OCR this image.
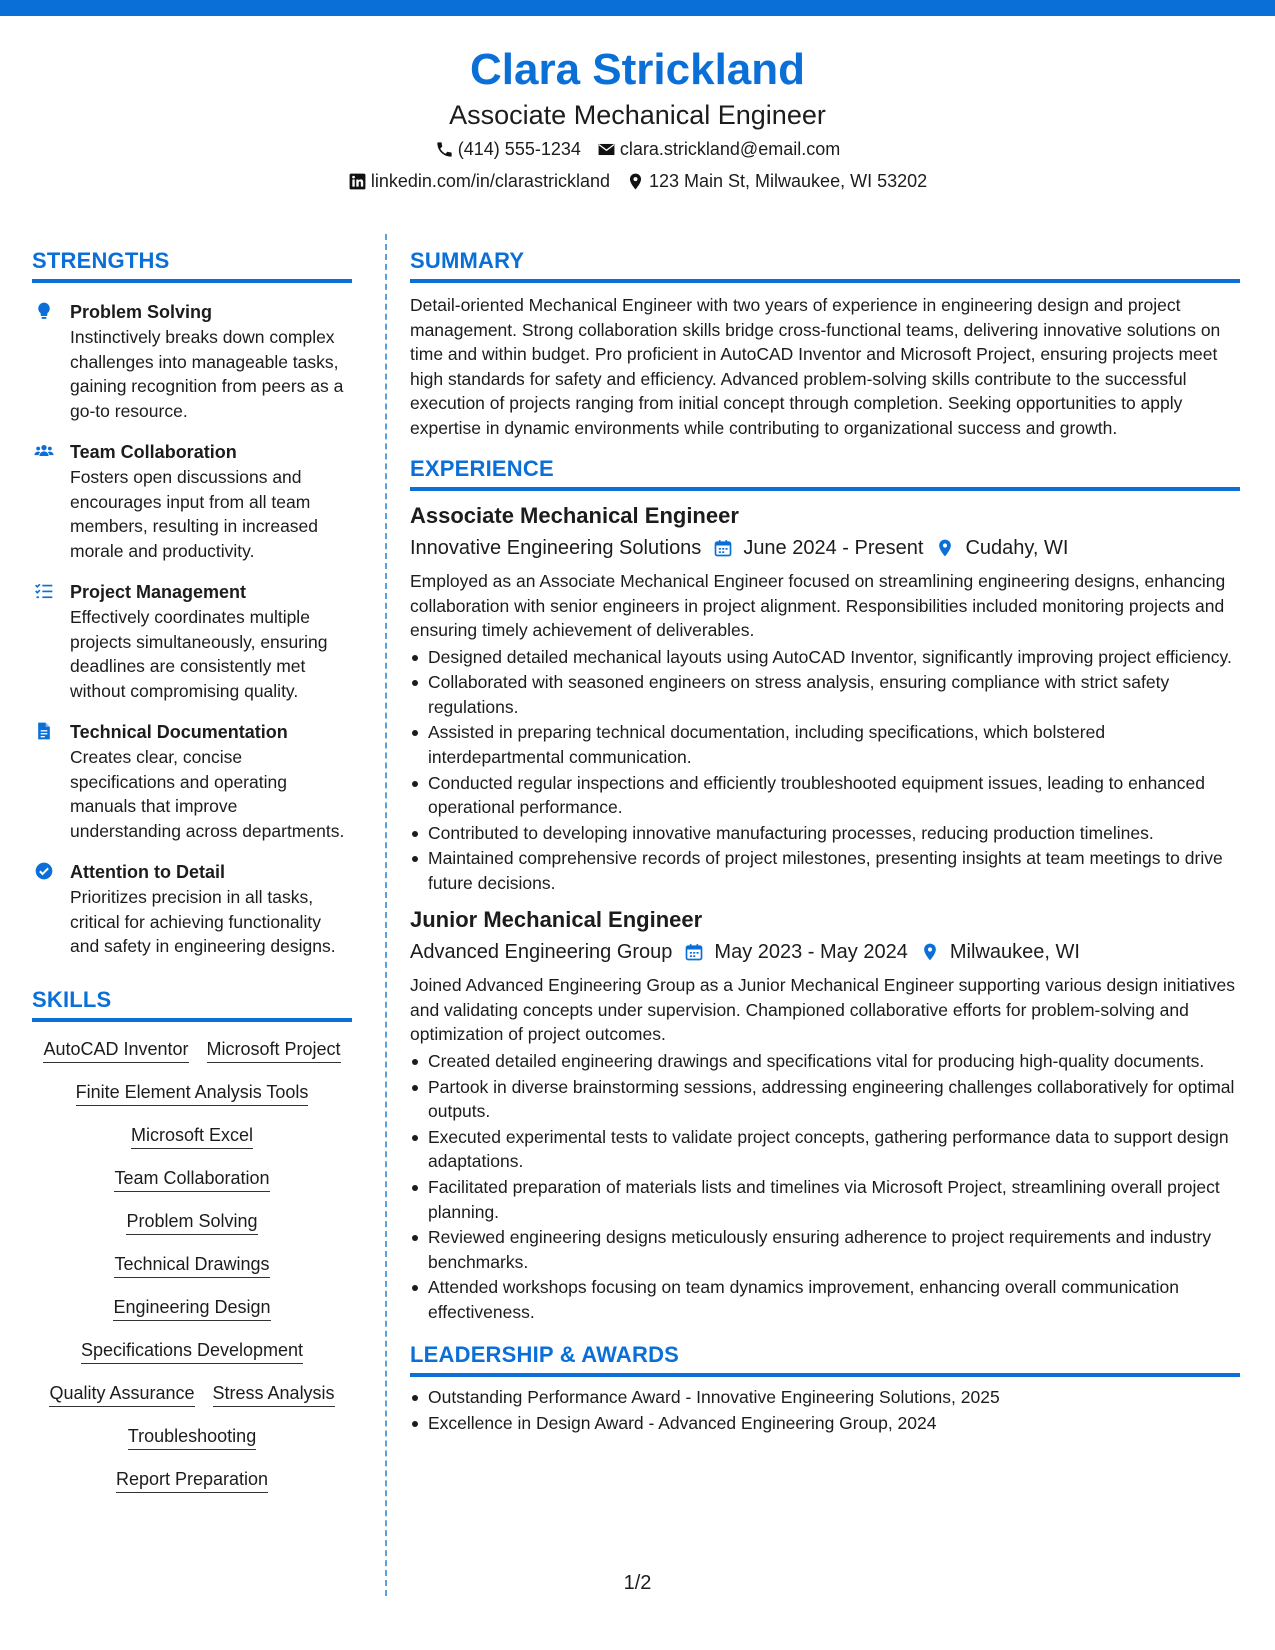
Clara Strickland
Associate Mechanical Engineer
(414) 555-1234 clara.strickland@email.com
linkedin.com/in/clarastrickland 123 Main St, Milwaukee, WI 53202
STRENGTHS
Problem Solving
Instinctively breaks down complex challenges into manageable tasks, gaining recognition from peers as a go-to resource.
Team Collaboration
Fosters open discussions and encourages input from all team members, resulting in increased morale and productivity.
Project Management
Effectively coordinates multiple projects simultaneously, ensuring deadlines are consistently met without compromising quality.
Technical Documentation
Creates clear, concise specifications and operating manuals that improve understanding across departments.
Attention to Detail
Prioritizes precision in all tasks, critical for achieving functionality and safety in engineering designs.
SKILLS
AutoCAD Inventor Microsoft Project
Finite Element Analysis Tools
Microsoft Excel
Team Collaboration
Problem Solving
Technical Drawings
Engineering Design
Specifications Development
Quality Assurance Stress Analysis
Troubleshooting
Report Preparation
SUMMARY
Detail-oriented Mechanical Engineer with two years of experience in engineering design and project management. Strong collaboration skills bridge cross-functional teams, delivering innovative solutions on time and within budget. Pro proficient in AutoCAD Inventor and Microsoft Project, ensuring projects meet high standards for safety and efficiency. Advanced problem-solving skills contribute to the successful execution of projects ranging from initial concept through completion. Seeking opportunities to apply expertise in dynamic environments while contributing to organizational success and growth.
EXPERIENCE
Associate Mechanical Engineer
Innovative Engineering Solutions June 2024 - Present Cudahy, WI
Employed as an Associate Mechanical Engineer focused on streamlining engineering designs, enhancing collaboration with senior engineers in project alignment. Responsibilities included monitoring projects and ensuring timely achievement of deliverables.
Designed detailed mechanical layouts using AutoCAD Inventor, significantly improving project efficiency.
Collaborated with seasoned engineers on stress analysis, ensuring compliance with strict safety regulations.
Assisted in preparing technical documentation, including specifications, which bolstered interdepartmental communication.
Conducted regular inspections and efficiently troubleshooted equipment issues, leading to enhanced operational performance.
Contributed to developing innovative manufacturing processes, reducing production timelines.
Maintained comprehensive records of project milestones, presenting insights at team meetings to drive future decisions.
Junior Mechanical Engineer
Advanced Engineering Group May 2023 - May 2024 Milwaukee, WI
Joined Advanced Engineering Group as a Junior Mechanical Engineer supporting various design initiatives and validating concepts under supervision. Championed collaborative efforts for problem-solving and optimization of project outcomes.
Created detailed engineering drawings and specifications vital for producing high-quality documents.
Partook in diverse brainstorming sessions, addressing engineering challenges collaboratively for optimal outputs.
Executed experimental tests to validate project concepts, gathering performance data to support design adaptations.
Facilitated preparation of materials lists and timelines via Microsoft Project, streamlining overall project planning.
Reviewed engineering designs meticulously ensuring adherence to project requirements and industry benchmarks.
Attended workshops focusing on team dynamics improvement, enhancing overall communication effectiveness.
LEADERSHIP & AWARDS
Outstanding Performance Award - Innovative Engineering Solutions, 2025
Excellence in Design Award - Advanced Engineering Group, 2024
1/2
